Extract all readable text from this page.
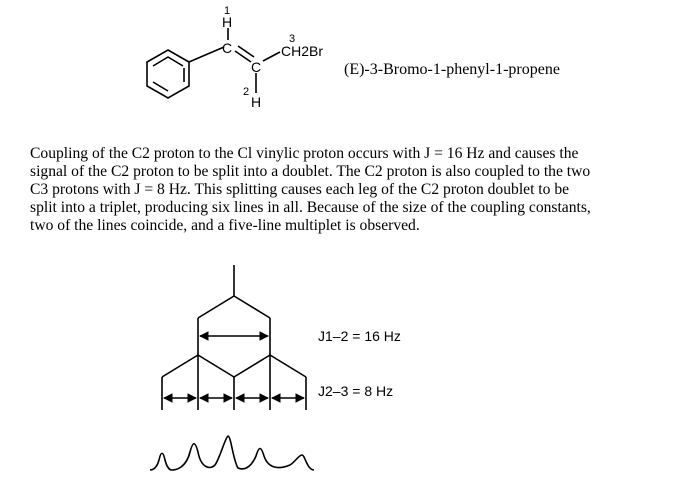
1
H
C
C
3
CH2Br
2
H
(E)-3-Bromo-1-phenyl-1-propene
J1–2 = 16 Hz
J2–3 = 8 Hz

Coupling of the C2 proton to the Cl vinylic proton occurs with J = 16 Hz and causes the
signal of the C2 proton to be split into a doublet. The C2 proton is also coupled to the two
C3 protons with J = 8 Hz. This splitting causes each leg of the C2 proton doublet to be
split into a triplet, producing six lines in all. Because of the size of the coupling constants,
two of the lines coincide, and a five-line multiplet is observed.
